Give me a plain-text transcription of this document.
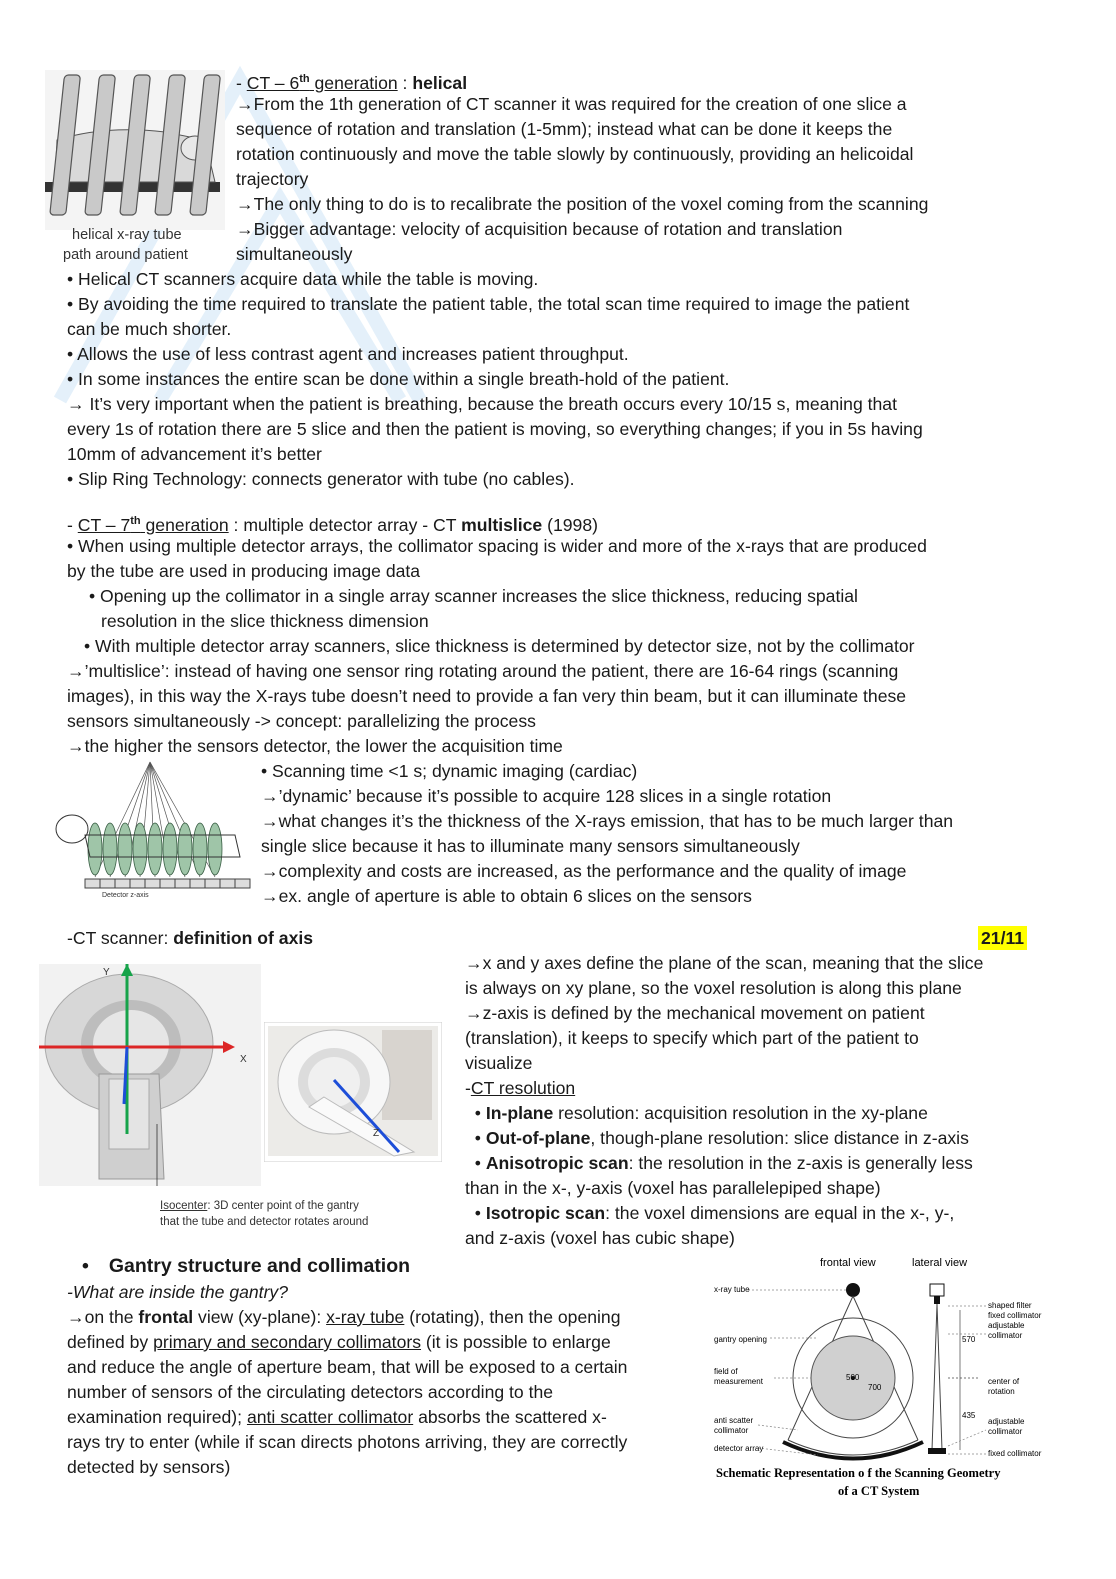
helical x-ray tube
path around patient
- CT – 6th generation : helical
→From the 1th generation of CT scanner it was required for the creation of one slice a
sequence of rotation and translation (1-5mm); instead what can be done it keeps the
rotation continuously and move the table slowly by continuously, providing an helicoidal
trajectory
→The only thing to do is to recalibrate the position of the voxel coming from the scanning
→Bigger advantage: velocity of acquisition because of rotation and translation
simultaneously
• Helical CT scanners acquire data while the table is moving.
• By avoiding the time required to translate the patient table, the total scan time required to image the patient
can be much shorter.
• Allows the use of less contrast agent and increases patient throughput.
• In some instances the entire scan be done within a single breath-hold of the patient.
→ It’s very important when the patient is breathing, because the breath occurs every 10/15 s, meaning that
every 1s of rotation there are 5 slice and then the patient is moving, so everything changes; if you in 5s having
10mm of advancement it’s better
• Slip Ring Technology: connects generator with tube (no cables).
- CT – 7th generation : multiple detector array - CT multislice (1998)
• When using multiple detector arrays, the collimator spacing is wider and more of the x-rays that are produced
by the tube are used in producing image data
• Opening up the collimator in a single array scanner increases the slice thickness, reducing spatial
resolution in the slice thickness dimension
• With multiple detector array scanners, slice thickness is determined by detector size, not by the collimator
→’multislice’: instead of having one sensor ring rotating around the patient, there are 16-64 rings (scanning
images), in this way the X-rays tube doesn’t need to provide a fan very thin beam, but it can illuminate these
sensors simultaneously -> concept: parallelizing the process
→the higher the sensors detector, the lower the acquisition time
Detector z-axis
• Scanning time <1 s; dynamic imaging (cardiac)
→’dynamic’ because it’s possible to acquire 128 slices in a single rotation
→what changes it’s the thickness of the X-rays emission, that has to be much larger than
single slice because it has to illuminate many sensors simultaneously
→complexity and costs are increased, as the performance and the quality of image
→ex. angle of aperture is able to obtain 6 slices on the sensors
-CT scanner: definition of axis	21/11
Y
X
Z
Isocenter: 3D center point of the gantry
that the tube and detector rotates around
→x and y axes define the plane of the scan, meaning that the slice
is always on xy plane, so the voxel resolution is along this plane
→z-axis is defined by the mechanical movement on patient
(translation), it keeps to specify which part of the patient to
visualize
-CT resolution
• In-plane resolution: acquisition resolution in the xy-plane
• Out-of-plane, though-plane resolution: slice distance in z-axis
• Anisotropic scan: the resolution in the z-axis is generally less
than in the x-, y-axis (voxel has parallelepiped shape)
• Isotropic scan: the voxel dimensions are equal in the x-, y-,
and z-axis (voxel has cubic shape)
• Gantry structure and collimation
-What are inside the gantry?
→on the frontal view (xy-plane): x-ray tube (rotating), then the opening
defined by primary and secondary collimators (it is possible to enlarge
and reduce the angle of aperture beam, that will be exposed to a certain
number of sensors of the circulating detectors according to the
examination required); anti scatter collimator absorbs the scattered x-
rays try to enter (while if scan directs photons arriving, they are correctly
detected by sensors)
frontal view	lateral view
500
700
x-ray tube
gantry opening
field of
measurement
anti scatter
collimator
detector array
570
435
shaped filter
fixed collimator
adjustable
collimator
center of
rotation
adjustable
collimator
fixed collimator
Schematic Representation o f the Scanning Geometry
of a CT System
